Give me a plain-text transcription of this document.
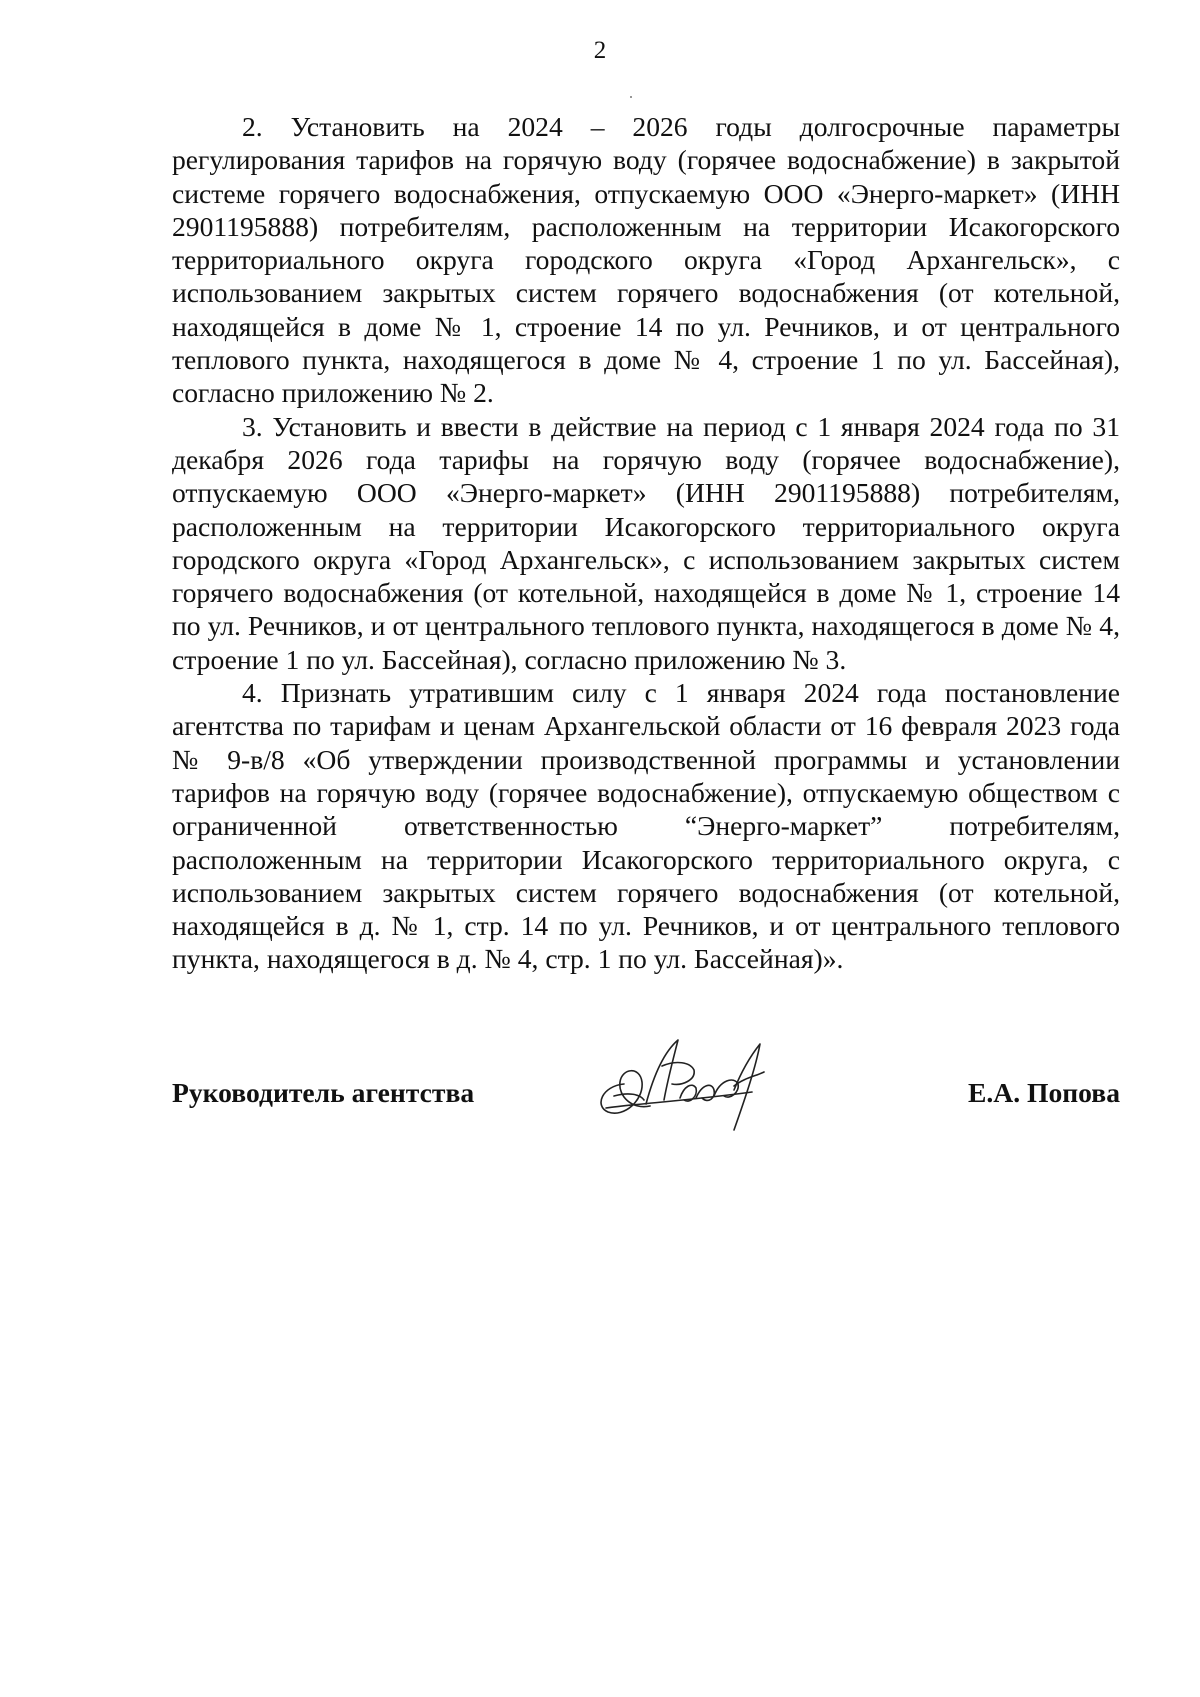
2

2. Установить на 2024 – 2026 годы долгосрочные параметры регулирования тарифов на горячую воду (горячее водоснабжение) в закрытой системе горячего водоснабжения, отпускаемую ООО «Энерго-маркет» (ИНН 2901195888) потребителям, расположенным на территории Исакогорского территориального округа городского округа «Город Архангельск», с использованием закрытых систем горячего водоснабжения (от котельной, находящейся в доме № 1, строение 14 по ул. Речников, и от центрального теплового пункта, находящегося в доме № 4, строение 1 по ул. Бассейная), согласно приложению № 2.

3. Установить и ввести в действие на период с 1 января 2024 года по 31 декабря 2026 года тарифы на горячую воду (горячее водоснабжение), отпускаемую ООО «Энерго-маркет» (ИНН 2901195888) потребителям, расположенным на территории Исакогорского территориального округа городского округа «Город Архангельск», с использованием закрытых систем горячего водоснабжения (от котельной, находящейся в доме № 1, строение 14 по ул. Речников, и от центрального теплового пункта, находящегося в доме № 4, строение 1 по ул. Бассейная), согласно приложению № 3.

4. Признать утратившим силу с 1 января 2024 года постановление агентства по тарифам и ценам Архангельской области от 16 февраля 2023 года № 9-в/8 «Об утверждении производственной программы и установлении тарифов на горячую воду (горячее водоснабжение), отпускаемую обществом с ограниченной ответственностью “Энерго-маркет” потребителям, расположенным на территории Исакогорского территориального округа, с использованием закрытых систем горячего водоснабжения (от котельной, находящейся в д. № 1, стр. 14 по ул. Речников, и от центрального теплового пункта, находящегося в д. № 4, стр. 1 по ул. Бассейная)».

Руководитель агентства	Е.А. Попова
